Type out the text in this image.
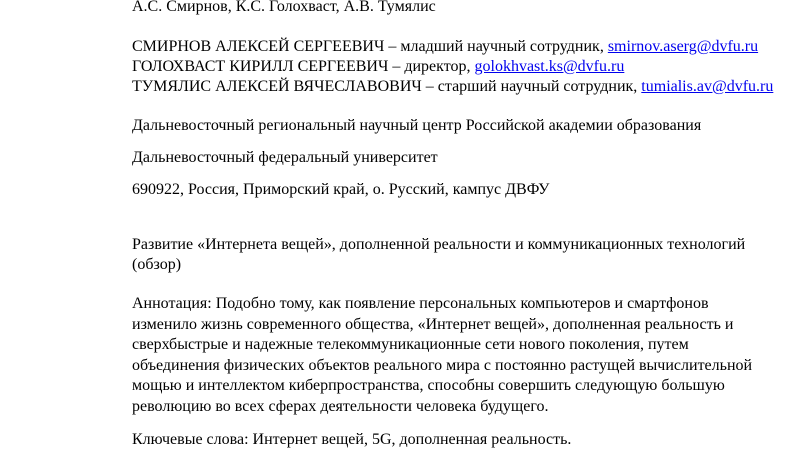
А.С. Смирнов, К.С. Голохваст, А.В. Тумялис
СМИРНОВ АЛЕКСЕЙ СЕРГЕЕВИЧ – младший научный сотрудник, smirnov.aserg@dvfu.ru
ГОЛОХВАСТ КИРИЛЛ СЕРГЕЕВИЧ – директор, golokhvast.ks@dvfu.ru
ТУМЯЛИС АЛЕКСЕЙ ВЯЧЕСЛАВОВИЧ – старший научный сотрудник, tumialis.av@dvfu.ru
Дальневосточный региональный научный центр Российской академии образования
Дальневосточный федеральный университет
690922, Россия, Приморский край, о. Русский, кампус ДВФУ
Развитие «Интернета вещей», дополненной реальности и коммуникационных технологий
(обзор)
Аннотация: Подобно тому, как появление персональных компьютеров и смартфонов
изменило жизнь современного общества, «Интернет вещей», дополненная реальность и
сверхбыстрые и надежные телекоммуникационные сети нового поколения, путем
объединения физических объектов реального мира с постоянно растущей вычислительной
мощью и интеллектом киберпространства, способны совершить следующую большую
революцию во всех сферах деятельности человека будущего.
Ключевые слова: Интернет вещей, 5G, дополненная реальность.
